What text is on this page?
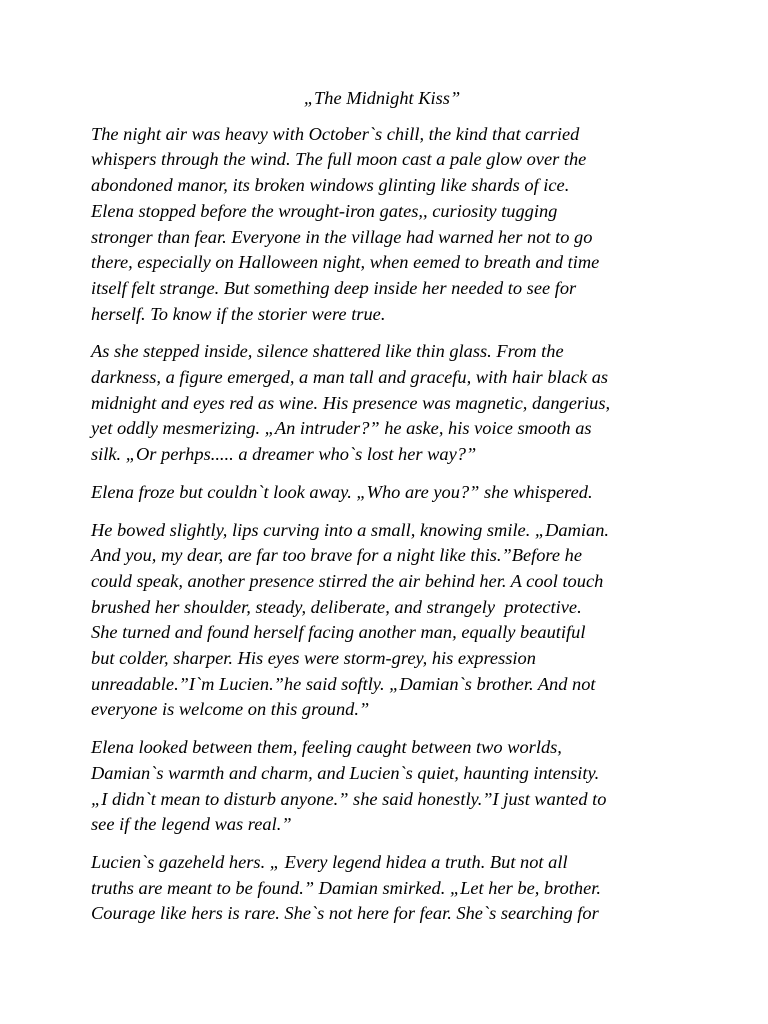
„The Midnight Kiss”
The night air was heavy with October`s chill, the kind that carried
whispers through the wind. The full moon cast a pale glow over the
abondoned manor, its broken windows glinting like shards of ice.
Elena stopped before the wrought-iron gates,, curiosity tugging
stronger than fear. Everyone in the village had warned her not to go
there, especially on Halloween night, when eemed to breath and time
itself felt strange. But something deep inside her needed to see for
herself. To know if the storier were true.
As she stepped inside, silence shattered like thin glass. From the
darkness, a figure emerged, a man tall and gracefu, with hair black as
midnight and eyes red as wine. His presence was magnetic, dangerius,
yet oddly mesmerizing. „An intruder?” he aske, his voice smooth as
silk. „Or perhps..... a dreamer who`s lost her way?”
Elena froze but couldn`t look away. „Who are you?” she whispered.
He bowed slightly, lips curving into a small, knowing smile. „Damian.
And you, my dear, are far too brave for a night like this.”Before he
could speak, another presence stirred the air behind her. A cool touch
brushed her shoulder, steady, deliberate, and strangely  protective.
She turned and found herself facing another man, equally beautiful
but colder, sharper. His eyes were storm-grey, his expression
unreadable.”I`m Lucien.”he said softly. „Damian`s brother. And not
everyone is welcome on this ground.”
Elena looked between them, feeling caught between two worlds,
Damian`s warmth and charm, and Lucien`s quiet, haunting intensity.
„I didn`t mean to disturb anyone.” she said honestly.”I just wanted to
see if the legend was real.”
Lucien`s gazeheld hers. „ Every legend hidea a truth. But not all
truths are meant to be found.” Damian smirked. „Let her be, brother.
Courage like hers is rare. She`s not here for fear. She`s searching for
